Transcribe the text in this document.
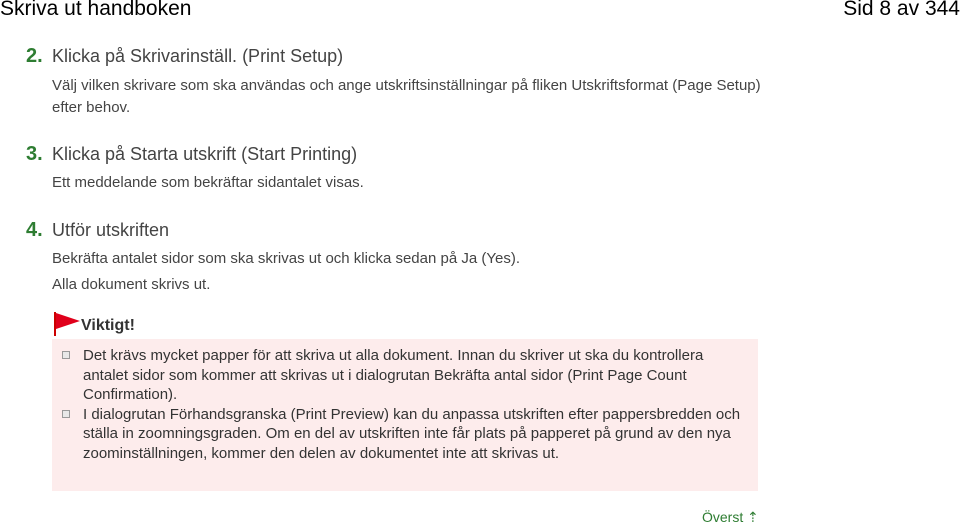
Skriva ut handboken	Sid 8 av 344
2. Klicka på Skrivarinställ. (Print Setup)
Välj vilken skrivare som ska användas och ange utskriftsinställningar på fliken Utskriftsformat (Page Setup) efter behov.
3. Klicka på Starta utskrift (Start Printing)
Ett meddelande som bekräftar sidantalet visas.
4. Utför utskriften
Bekräfta antalet sidor som ska skrivas ut och klicka sedan på Ja (Yes).
Alla dokument skrivs ut.
Viktigt!
Det krävs mycket papper för att skriva ut alla dokument. Innan du skriver ut ska du kontrollera antalet sidor som kommer att skrivas ut i dialogrutan Bekräfta antal sidor (Print Page Count Confirmation).
I dialogrutan Förhandsgranska (Print Preview) kan du anpassa utskriften efter pappersbredden och ställa in zoomningsgraden. Om en del av utskriften inte får plats på papperet på grund av den nya zoominställningen, kommer den delen av dokumentet inte att skrivas ut.
Överst ⇡
